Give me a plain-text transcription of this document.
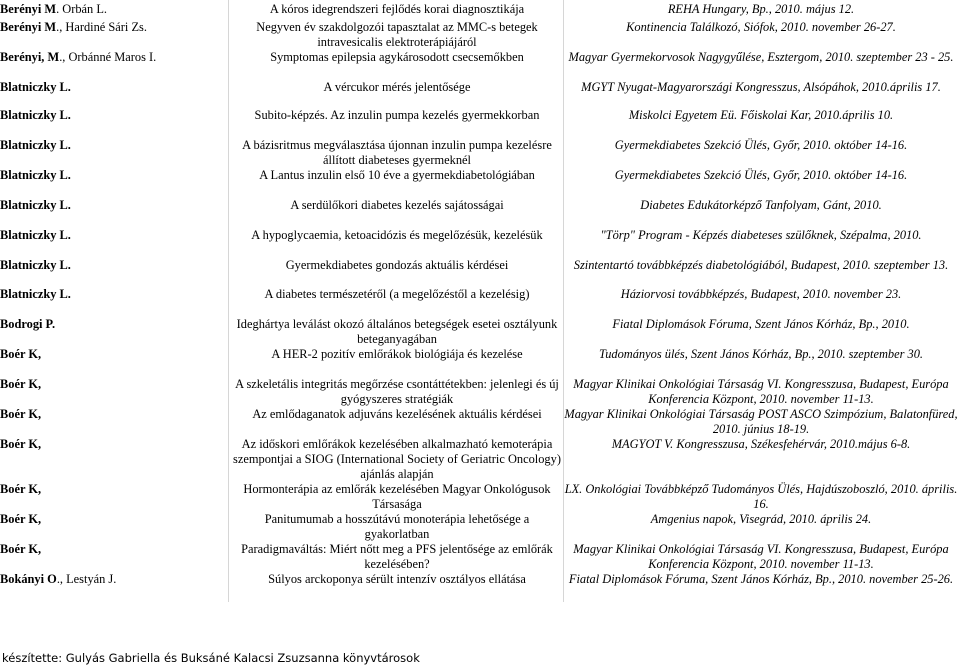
Berényi M. Orbán L.	A kóros idegrendszeri fejlődés korai diagnosztikája	REHA Hungary, Bp., 2010. május 12.
Berényi M., Hardiné Sári Zs.	Negyven év szakdolgozói tapasztalat az MMC-s betegek intravesicalis elektroterápiájáról	Kontinencia Találkozó, Siófok, 2010. november 26-27.
Berényi, M., Orbánné Maros I.	Symptomas epilepsia agykárosodott csecsemőkben	Magyar Gyermekorvosok Nagygyűlése, Esztergom, 2010. szeptember 23 - 25.
Blatniczky L.	A vércukor mérés jelentősége	MGYT Nyugat-Magyarországi Kongresszus, Alsópáhok, 2010.április 17.
Blatniczky L.	Subito-képzés. Az inzulin pumpa kezelés gyermekkorban	Miskolci Egyetem Eü. Főiskolai Kar, 2010.április 10.
Blatniczky L.	A bázisritmus megválasztása újonnan inzulin pumpa kezelésre állított diabeteses gyermeknél	Gyermekdiabetes Szekció Ülés, Győr, 2010. október 14-16.
Blatniczky L.	A Lantus inzulin első 10 éve a gyermekdiabetológiában	Gyermekdiabetes Szekció Ülés, Győr, 2010. október 14-16.
Blatniczky L.	A serdülőkori diabetes kezelés sajátosságai	Diabetes Edukátorképző Tanfolyam, Gánt, 2010.
Blatniczky L.	A hypoglycaemia, ketoacidózis és megelőzésük, kezelésük	"Törp" Program - Képzés diabeteses szülőknek, Szépalma, 2010.
Blatniczky L.	Gyermekdiabetes gondozás aktuális kérdései	Szintentartó továbbképzés diabetológiából, Budapest, 2010. szeptember 13.
Blatniczky L.	A diabetes természetéről (a megelőzéstől a kezelésig)	Háziorvosi továbbképzés, Budapest, 2010. november 23.
Bodrogi P.	Ideghártya leválást okozó általános betegségek esetei osztályunk beteganyagában	Fiatal Diplomások Fóruma, Szent János Kórház, Bp., 2010.
Boér K,	A HER-2 pozitív emlőrákok biológiája és kezelése	Tudományos ülés, Szent János Kórház, Bp., 2010. szeptember 30.
Boér K,	A szkeletális integritás megőrzése csontáttétekben: jelenlegi és új gyógyszeres stratégiák	Magyar Klinikai Onkológiai Társaság VI. Kongresszusa, Budapest, Európa Konferencia Központ, 2010. november 11-13.
Boér K,	Az emlődaganatok adjuváns kezelésének aktuális kérdései	Magyar Klinikai Onkológiai Társaság POST ASCO Szimpózium, Balatonfüred, 2010. június 18-19.
Boér K,	Az időskori emlőrákok kezelésében alkalmazható kemoterápia szempontjai a SIOG (International Society of Geriatric Oncology) ajánlás alapján	MAGYOT V. Kongresszusa, Székesfehérvár, 2010.május 6-8.
Boér K,	Hormonterápia az emlőrák kezelésében Magyar Onkológusok Társasága	LX. Onkológiai Továbbképző Tudományos Ülés, Hajdúszoboszló, 2010. április. 16.
Boér K,	Panitumumab a hosszútávú monoterápia lehetősége a gyakorlatban	Amgenius napok, Visegrád, 2010. április 24.
Boér K,	Paradigmaváltás: Miért nőtt meg a PFS jelentősége az emlőrák kezelésében?	Magyar Klinikai Onkológiai Társaság VI. Kongresszusa, Budapest, Európa Konferencia Központ, 2010. november 11-13.
Bokányi O., Lestyán J.	Súlyos arckoponya sérült intenzív osztályos ellátása	Fiatal Diplomások Fóruma, Szent János Kórház, Bp., 2010. november 25-26.
készítette: Gulyás Gabriella és Buksáné Kalacsi Zsuzsanna könyvtárosok
